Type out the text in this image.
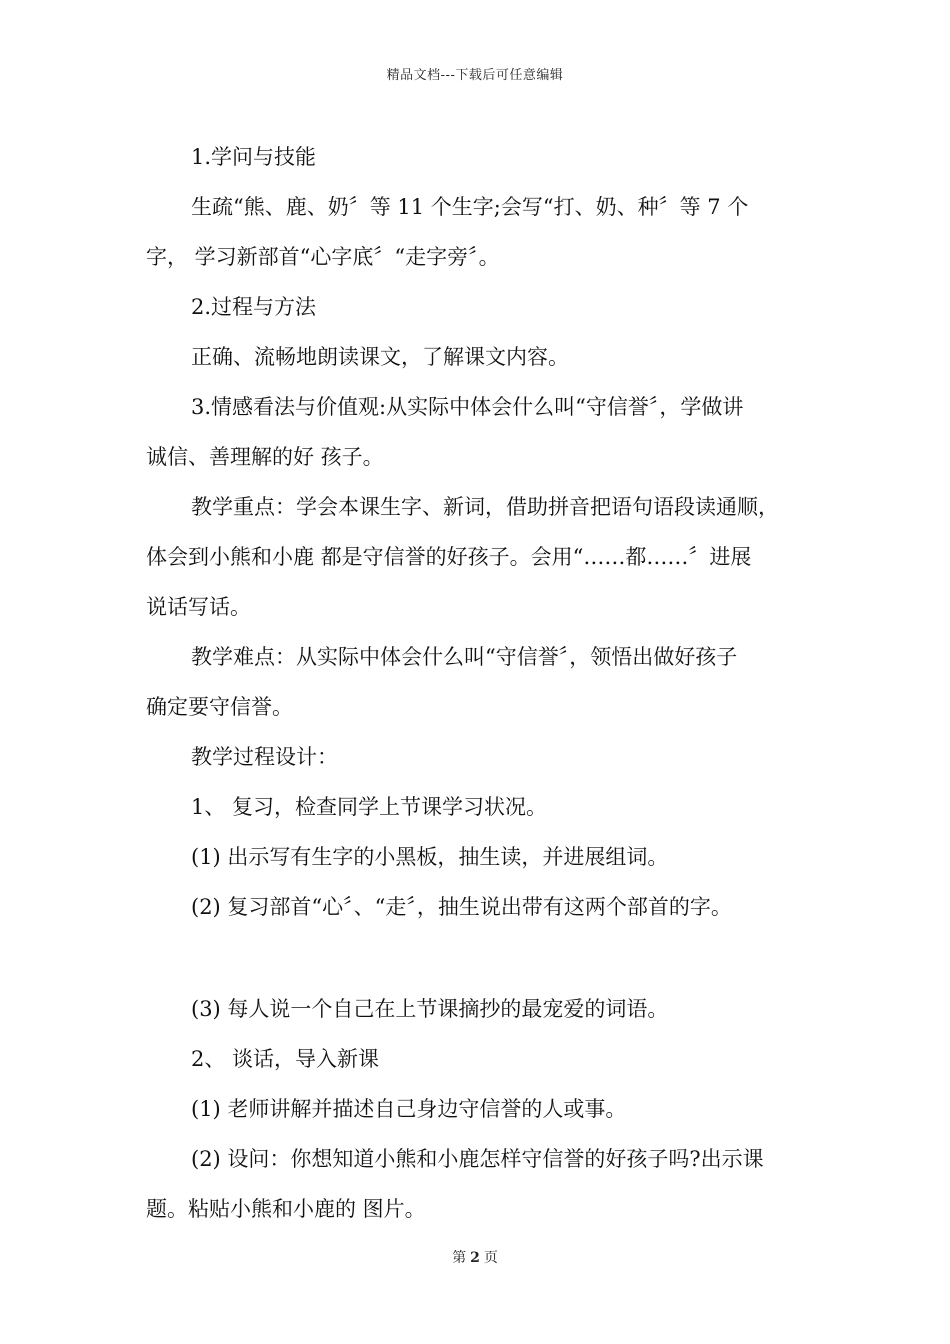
精品文档---下载后可任意编辑

1.学问与技能

生疏“熊、鹿、奶〞等 11 个生字;会写“打、奶、种〞等 7 个

字， 学习新部首“心字底〞“走字旁〞。

2.过程与方法

正确、流畅地朗读课文，了解课文内容。

3.情感看法与价值观:从实际中体会什么叫“守信誉〞，学做讲

诚信、善理解的好 孩子。

教学重点：学会本课生字、新词，借助拼音把语句语段读通顺，

体会到小熊和小鹿 都是守信誉的好孩子。会用“……都……〞进展

说话写话。

教学难点：从实际中体会什么叫“守信誉〞，领悟出做好孩子

确定要守信誉。

教学过程设计：

1、 复习，检查同学上节课学习状况。

(1) 出示写有生字的小黑板，抽生读，并进展组词。

(2) 复习部首“心〞、“走〞，抽生说出带有这两个部首的字。

(3) 每人说一个自己在上节课摘抄的最宠爱的词语。

2、 谈话，导入新课

(1) 老师讲解并描述自己身边守信誉的人或事。

(2) 设问：你想知道小熊和小鹿怎样守信誉的好孩子吗?出示课

题。粘贴小熊和小鹿的 图片。

第 2 页
